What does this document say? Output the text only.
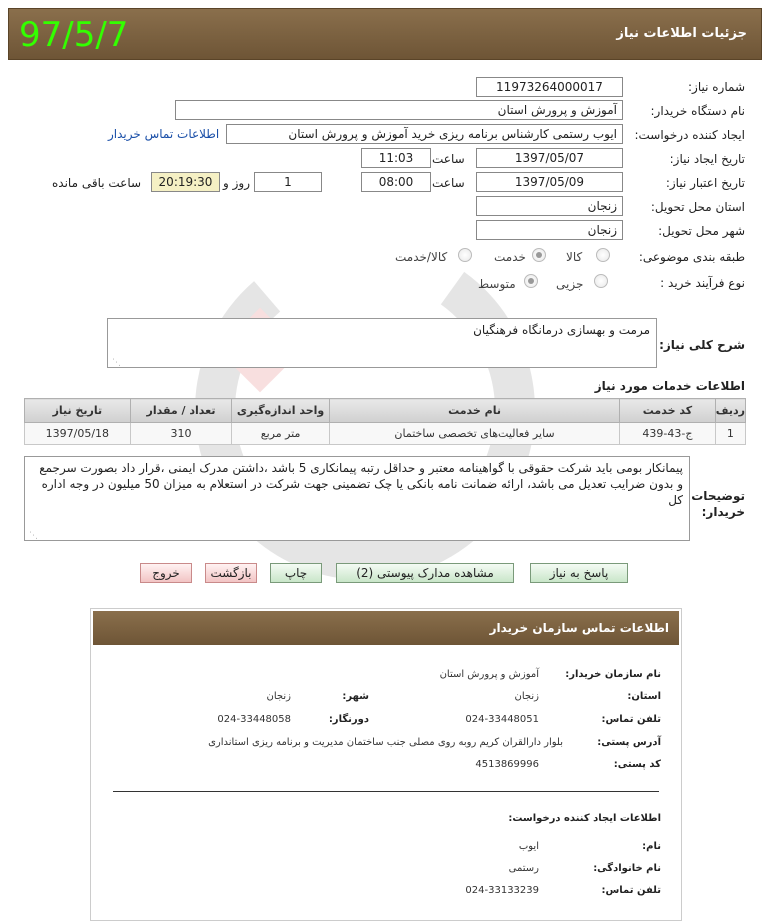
97/5/7	جزئیات اطلاعات نیاز
شماره نیاز:
1197326400001‎7
نام دستگاه خریدار:
آموزش و پرورش استان
ایجاد کننده درخواست:
ایوب رستمی کارشناس برنامه ریزی خرید آموزش و پرورش استان
اطلاعات تماس خریدار
تاریخ ایجاد نیاز:
1397/05/07
ساعت
11:03
تاریخ اعتبار نیاز:
1397/05/09
ساعت
08:00
1
روز و
20:19:30
ساعت باقی مانده
استان محل تحویل:
زنجان
شهر محل تحویل:
زنجان
طبقه بندی موضوعی:
کالا
خدمت
کالا/خدمت
نوع فرآیند خرید :
جزیی
متوسط
مرمت و بهسازی درمانگاه فرهنگیان
⋰
شرح کلی نیاز:
اطلاعات خدمات مورد نیاز
ردیف	کد خدمت	نام خدمت	واحد اندازه‌گیری	تعداد / مقدار	تاریخ نیاز
1	ج-43-439	سایر فعالیت‌های تخصصی ساختمان	متر مربع	310	1397/05/18
پیمانکار بومی باید شرکت حقوقی با گواهینامه معتبر و حداقل رتبه پیمانکاری 5 باشد ،داشتن مدرک ایمنی ،قرار داد بصورت سرجمع و بدون ضرایب تعدیل می باشد، ارائه ضمانت نامه بانکی یا چک تضمینی جهت شرکت در استعلام به میزان 50 میلیون در وجه اداره کل
⋰
توضیحات
خریدار:
پاسخ به نیاز
مشاهده مدارک پیوستی (2)
چاپ
بازگشت
خروج
اطلاعات تماس سازمان خریدار
نام سازمان خریدار:
آموزش و پرورش استان
استان:
زنجان
شهر:
زنجان
تلفن تماس:
024-33448051
دورنگار:
024-33448058
آدرس پستی:
بلوار دارالقران کریم روبه روی مصلی جنب ساختمان مدیریت و برنامه ریزی استانداری
کد پستی:
4513869996
اطلاعات ایجاد کننده درخواست:
نام:
ایوب
نام خانوادگی:
رستمی
تلفن تماس:
024-33133239
